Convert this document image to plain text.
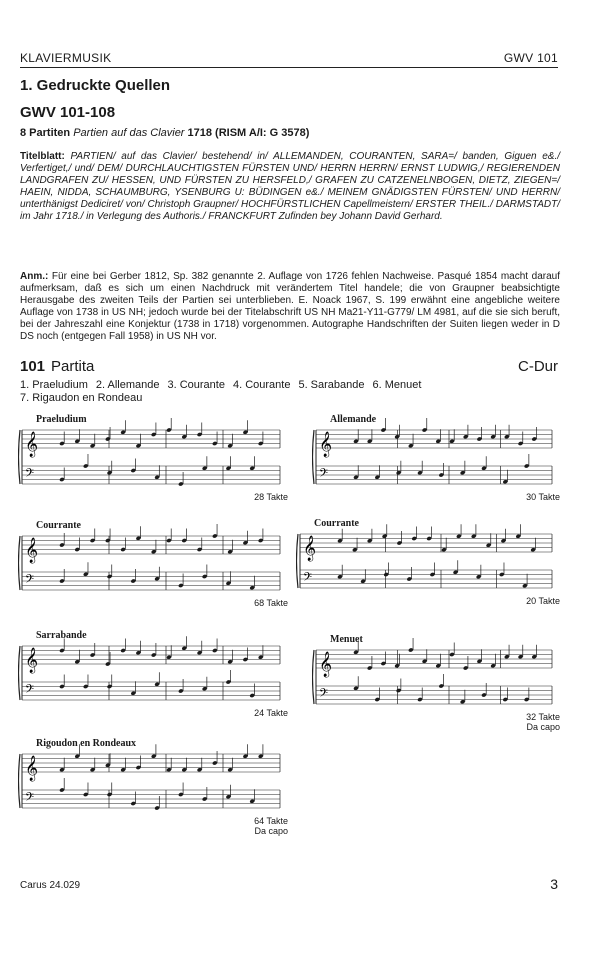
KLAVIERMUSIK	GWV 101
1. Gedruckte Quellen
GWV 101-108
8 Partiten Partien auf das Clavier 1718 (RISM A/I: G 3578)
Titelblatt: PARTIEN/ auf das Clavier/ bestehend/ in/ ALLEMANDEN, COURANTEN, SARA=/ banden, Giguen e&./ Verfertiget,/ und/ DEM/ DURCHLAUCHTIGSTEN FÜRSTEN UND/ HERRN HERRN/ ERNST LUDWIG,/ REGIERENDEN LANDGRAFEN ZU/ HESSEN, UND FÜRSTEN ZU HERSFELD,/ GRAFEN ZU CATZENELNBOGEN, DIETZ, ZIEGEN=/ HAEIN, NIDDA, SCHAUMBURG, YSENBURG U: BÜDINGEN e&./ MEINEM GNÄDIGSTEN FÜRSTEN/ UND HERRN/ unterthänigst Dediciret/ von/ Christoph Graupner/ HOCHFÜRSTLICHEN Capellmeistern/ ERSTER THEIL./ DARMSTADT/ im Jahr 1718./ in Verlegung des Authoris./ FRANCKFURT Zufinden bey Johann David Gerhard.
Anm.: Für eine bei Gerber 1812, Sp. 382 genannte 2. Auflage von 1726 fehlen Nachweise. Pasqué 1854 macht darauf aufmerksam, daß es sich um einen Nachdruck mit verändertem Titel handele; die von Graupner beabsichtigte Herausgabe des zweiten Teils der Partien sei unterblieben. E. Noack 1967, S. 199 erwähnt eine angebliche weitere Auflage von 1738 in US NH; jedoch wurde bei der Titelabschrift US NH Ma21-Y11-G779/ LM 4981, auf die sie sich beruft, bei der Jahreszahl eine Konjektur (1738 in 1718) vorgenommen. Autographe Handschriften der Suiten liegen weder in D DS noch (entgegen Fall 1958) in US NH vor.
101 Partita	C-Dur
1. Praeludium 2. Allemande 3. Courante 4. Courante 5. Sarabande 6. Menuet
7. Rigaudon en Rondeau
Praeludium
𝄞
𝄢
28 Takte
Allemande
𝄞
𝄢
30 Takte
Courrante
𝄞
𝄢
68 Takte
Courrante
𝄞
𝄢
20 Takte
Sarrabande
𝄞
𝄢
24 Takte
Menuet
𝄞
𝄢
32 Takte
Da capo
Rigoudon en Rondeaux
𝄞
𝄢
64 Takte
Da capo
Carus 24.029	3
